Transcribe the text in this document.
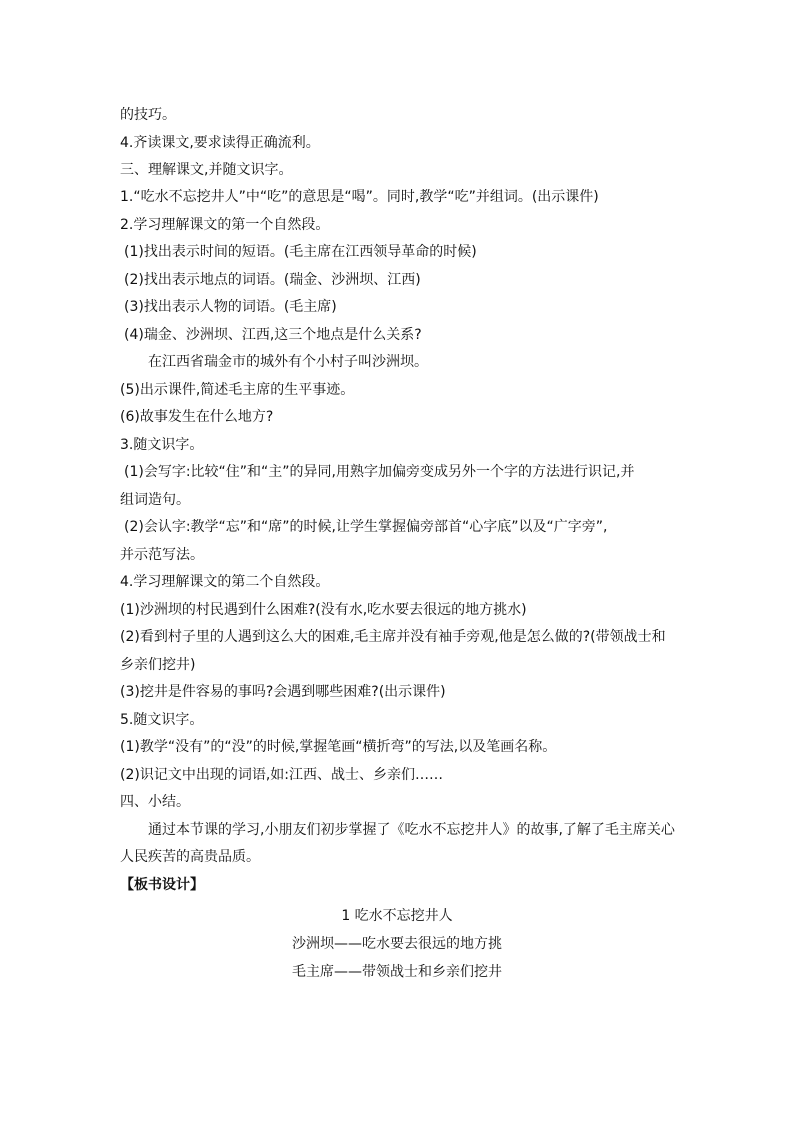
的技巧。
4.齐读课文,要求读得正确流利。
三、理解课文,并随文识字。
1.“吃水不忘挖井人”中“吃”的意思是“喝”。同时,教学“吃”并组词。(出示课件)
2.学习理解课文的第一个自然段。
(1)找出表示时间的短语。(毛主席在江西领导革命的时候)
(2)找出表示地点的词语。(瑞金、沙洲坝、江西)
(3)找出表示人物的词语。(毛主席)
(4)瑞金、沙洲坝、江西,这三个地点是什么关系?
在江西省瑞金市的城外有个小村子叫沙洲坝。
(5)出示课件,简述毛主席的生平事迹。
(6)故事发生在什么地方?
3.随文识字。
(1)会写字:比较“住”和“主”的异同,用熟字加偏旁变成另外一个字的方法进行识记,并
组词造句。
(2)会认字:教学“忘”和“席”的时候,让学生掌握偏旁部首“心字底”以及“广字旁”,
并示范写法。
4.学习理解课文的第二个自然段。
(1)沙洲坝的村民遇到什么困难?(没有水,吃水要去很远的地方挑水)
(2)看到村子里的人遇到这么大的困难,毛主席并没有袖手旁观,他是怎么做的?(带领战士和
乡亲们挖井)
(3)挖井是件容易的事吗?会遇到哪些困难?(出示课件)
5.随文识字。
(1)教学“没有”的“没”的时候,掌握笔画“横折弯”的写法,以及笔画名称。
(2)识记文中出现的词语,如:江西、战士、乡亲们……
四、小结。
通过本节课的学习,小朋友们初步掌握了《吃水不忘挖井人》的故事,了解了毛主席关心
人民疾苦的高贵品质。
【板书设计】
1 吃水不忘挖井人
沙洲坝——吃水要去很远的地方挑
毛主席——带领战士和乡亲们挖井
